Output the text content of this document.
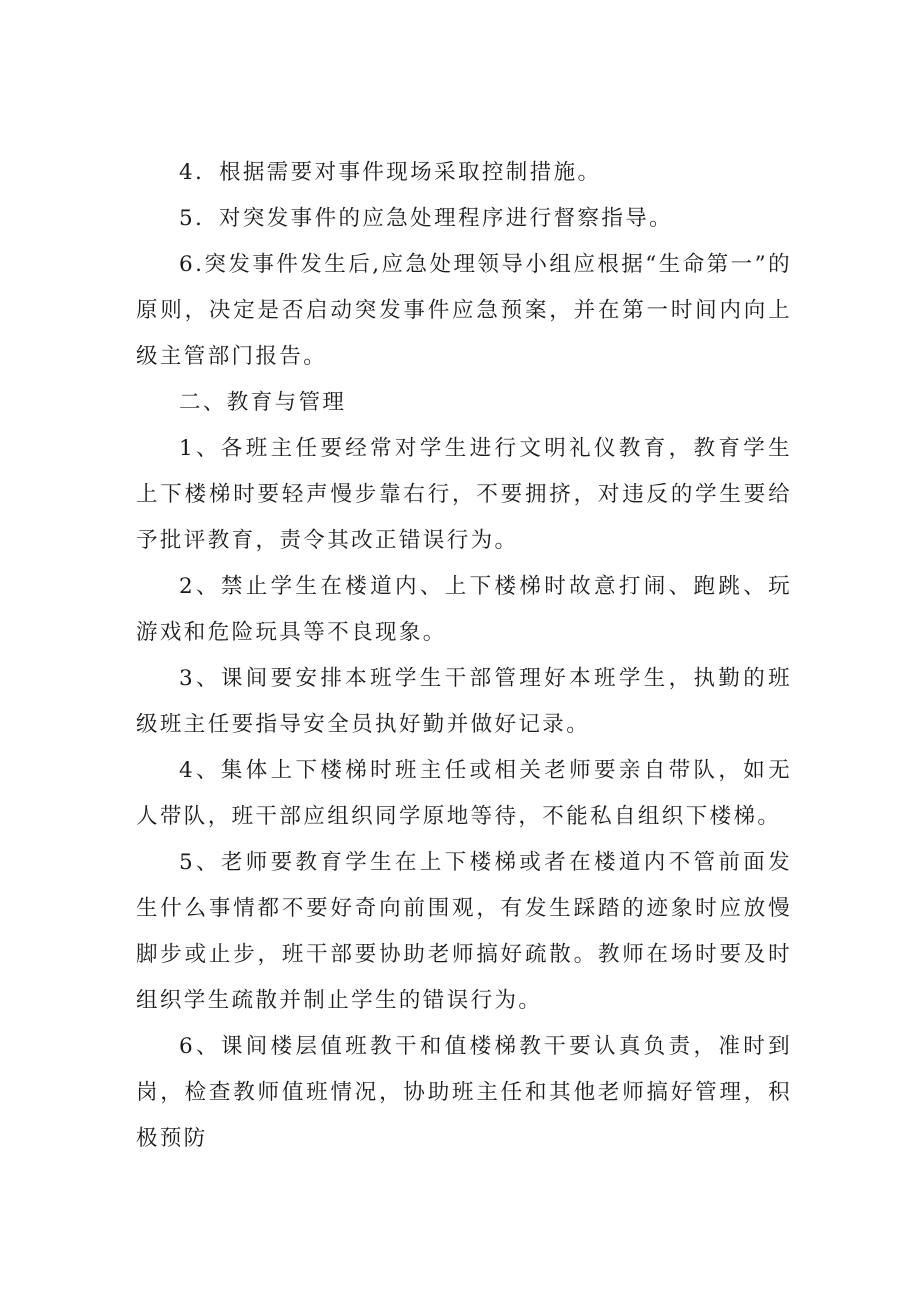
4．根据需要对事件现场采取控制措施。

5．对突发事件的应急处理程序进行督察指导。

6.突发事件发生后,应急处理领导小组应根据“生命第一”的原则，决定是否启动突发事件应急预案，并在第一时间内向上级主管部门报告。

二、教育与管理

1、各班主任要经常对学生进行文明礼仪教育，教育学生上下楼梯时要轻声慢步靠右行，不要拥挤，对违反的学生要给予批评教育，责令其改正错误行为。

2、禁止学生在楼道内、上下楼梯时故意打闹、跑跳、玩游戏和危险玩具等不良现象。

3、课间要安排本班学生干部管理好本班学生，执勤的班级班主任要指导安全员执好勤并做好记录。

4、集体上下楼梯时班主任或相关老师要亲自带队，如无人带队，班干部应组织同学原地等待，不能私自组织下楼梯。

5、老师要教育学生在上下楼梯或者在楼道内不管前面发生什么事情都不要好奇向前围观，有发生踩踏的迹象时应放慢脚步或止步，班干部要协助老师搞好疏散。教师在场时要及时组织学生疏散并制止学生的错误行为。

6、课间楼层值班教干和值楼梯教干要认真负责，准时到岗，检查教师值班情况，协助班主任和其他老师搞好管理，积极预防
